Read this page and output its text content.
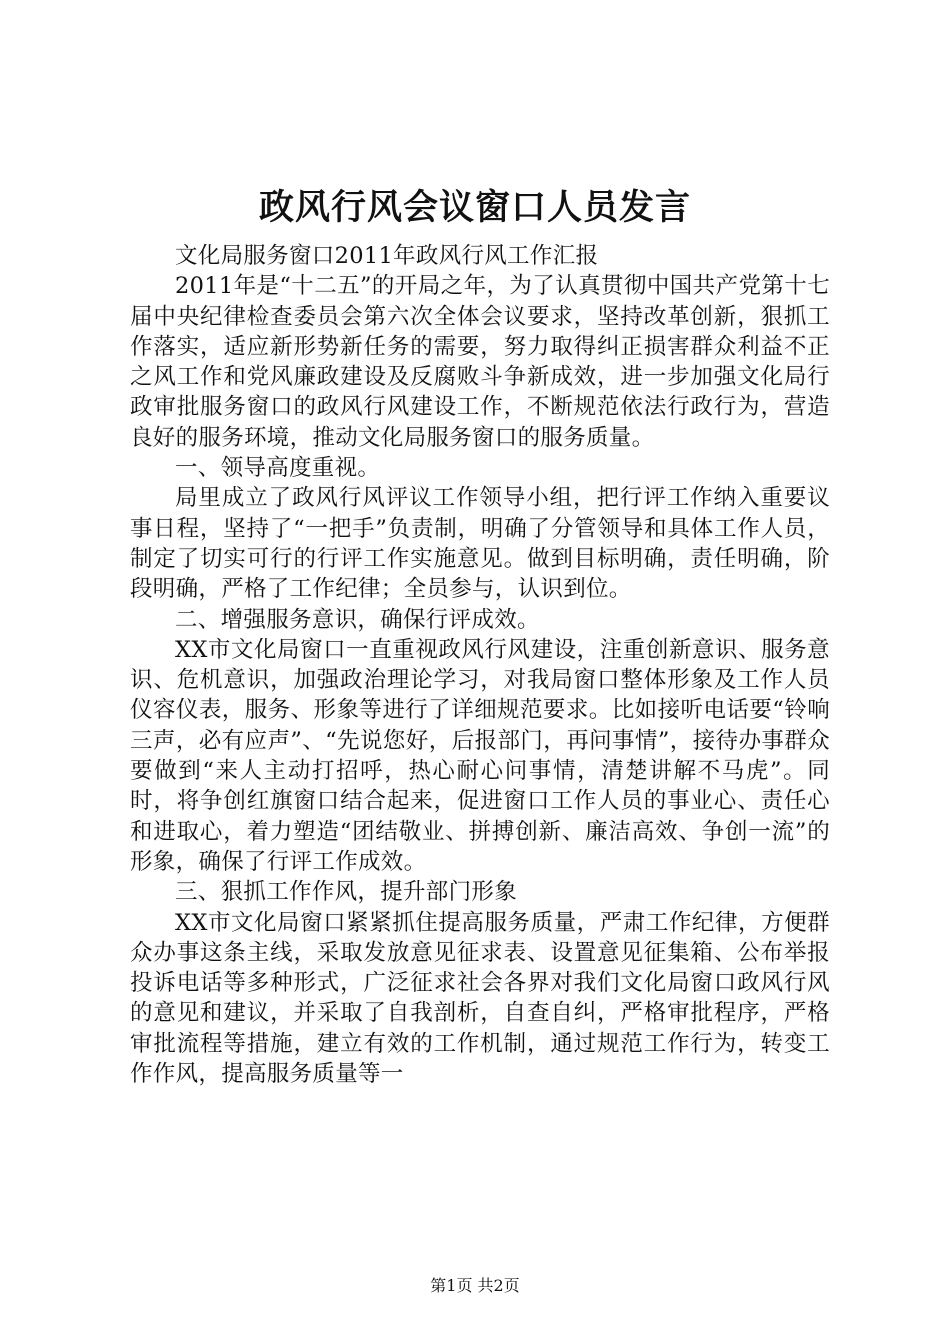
政风行风会议窗口人员发言

文化局服务窗口2011年政风行风工作汇报

2011年是“十二五”的开局之年，为了认真贯彻中国共产党第十七届中央纪律检查委员会第六次全体会议要求，坚持改革创新，狠抓工作落实，适应新形势新任务的需要，努力取得纠正损害群众利益不正之风工作和党风廉政建设及反腐败斗争新成效，进一步加强文化局行政审批服务窗口的政风行风建设工作，不断规范依法行政行为，营造良好的服务环境，推动文化局服务窗口的服务质量。

一、领导高度重视。

局里成立了政风行风评议工作领导小组，把行评工作纳入重要议事日程，坚持了“一把手”负责制，明确了分管领导和具体工作人员，制定了切实可行的行评工作实施意见。做到目标明确，责任明确，阶段明确，严格了工作纪律；全员参与，认识到位。

二、增强服务意识，确保行评成效。

XX市文化局窗口一直重视政风行风建设，注重创新意识、服务意识、危机意识，加强政治理论学习，对我局窗口整体形象及工作人员仪容仪表，服务、形象等进行了详细规范要求。比如接听电话要“铃响三声，必有应声”、“先说您好，后报部门，再问事情”，接待办事群众要做到“来人主动打招呼，热心耐心问事情，清楚讲解不马虎”。同时，将争创红旗窗口结合起来，促进窗口工作人员的事业心、责任心和进取心，着力塑造“团结敬业、拼搏创新、廉洁高效、争创一流”的形象，确保了行评工作成效。

三、狠抓工作作风，提升部门形象

XX市文化局窗口紧紧抓住提高服务质量，严肃工作纪律，方便群众办事这条主线，采取发放意见征求表、设置意见征集箱、公布举报投诉电话等多种形式，广泛征求社会各界对我们文化局窗口政风行风的意见和建议，并采取了自我剖析，自查自纠，严格审批程序，严格审批流程等措施，建立有效的工作机制，通过规范工作行为，转变工作作风，提高服务质量等一

第1页 共2页
